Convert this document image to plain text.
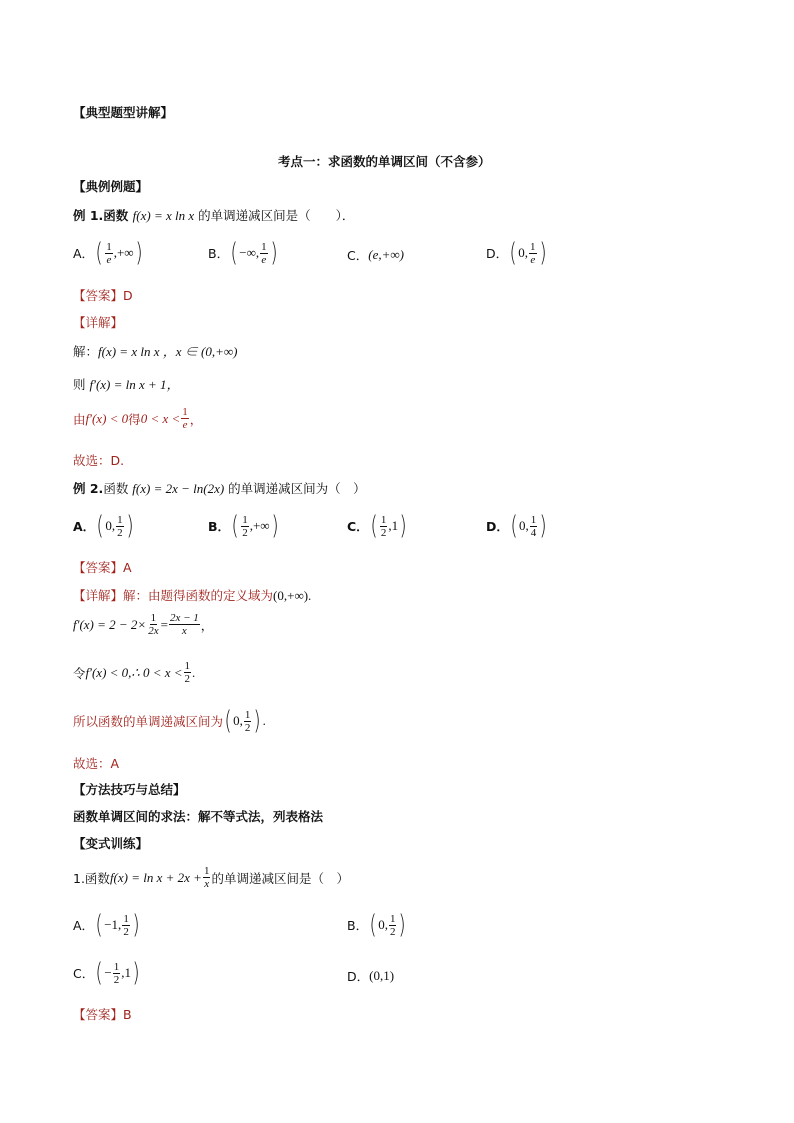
【典型题型讲解】
考点一：求函数的单调区间（不含参）
【典例例题】
例 1.函数 f(x) = x ln x 的单调递减区间是（　　）．
A． ( $\frac{1}{e}$ ,+∞ )	B． ( −∞, $\frac{1}{e}$ )	C． (e,+∞)	D． ( 0, $\frac{1}{e}$ )
【答案】D
【详解】
解：f(x) = x ln x ，x ∈ (0,+∞)
则 f′(x) = ln x + 1，
由 f′(x) < 0 得 $0 < x < \frac{1}{e}$ ，
故选：D.
例 2.函数 f(x) = 2x − ln(2x) 的单调递减区间为（　）
A． ( 0, $\frac{1}{2}$ )	B． ( $\frac{1}{2}$ ,+∞ )	C． ( $\frac{1}{2} ,1$ )	D． ( 0, $\frac{1}{4}$ )
【答案】A
【详解】解：由题得函数的定义域为(0,+∞).
$f'(x) = 2 - 2\times \frac{1}{2x} = \frac{2x - 1}{x}$ ，
令 f′(x) < 0,∴ $0 < x < \frac{1}{2}$ .
所以函数的单调递减区间为 ( 0, $\frac{1}{2}$ ) .
故选：A
【方法技巧与总结】
函数单调区间的求法：解不等式法，列表格法
【变式训练】
1.函数 $f(x) = \ln x + 2x + \frac{1}{x}$ 的单调递减区间是（　）
A． ( −1, $\frac{1}{2}$ )	B． ( 0, $\frac{1}{2}$ )
C． ( − $\frac{1}{2} ,1$ )	D． (0,1)
【答案】B
